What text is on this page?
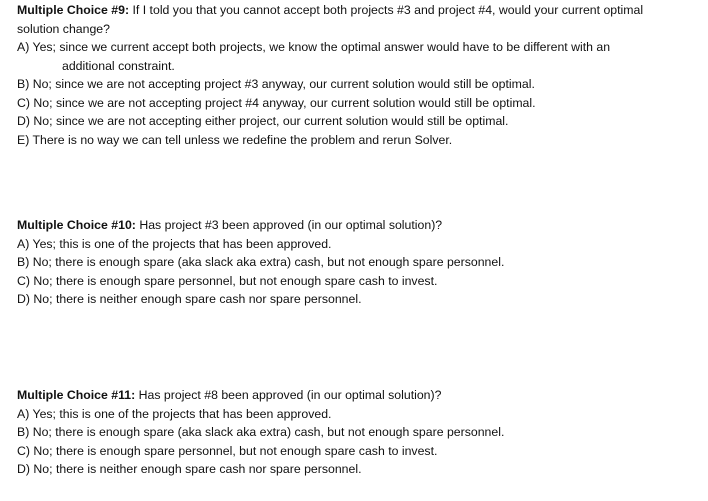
Multiple Choice #9: If I told you that you cannot accept both projects #3 and project #4, would your current optimal

solution change?

A) Yes; since we current accept both projects, we know the optimal answer would have to be different with an

additional constraint.

B) No; since we are not accepting project #3 anyway, our current solution would still be optimal.

C) No; since we are not accepting project #4 anyway, our current solution would still be optimal.

D) No; since we are not accepting either project, our current solution would still be optimal.

E) There is no way we can tell unless we redefine the problem and rerun Solver.

Multiple Choice #10: Has project #3 been approved (in our optimal solution)?

A) Yes; this is one of the projects that has been approved.

B) No; there is enough spare (aka slack aka extra) cash, but not enough spare personnel.

C) No; there is enough spare personnel, but not enough spare cash to invest.

D) No; there is neither enough spare cash nor spare personnel.

Multiple Choice #11: Has project #8 been approved (in our optimal solution)?

A) Yes; this is one of the projects that has been approved.

B) No; there is enough spare (aka slack aka extra) cash, but not enough spare personnel.

C) No; there is enough spare personnel, but not enough spare cash to invest.

D) No; there is neither enough spare cash nor spare personnel.
